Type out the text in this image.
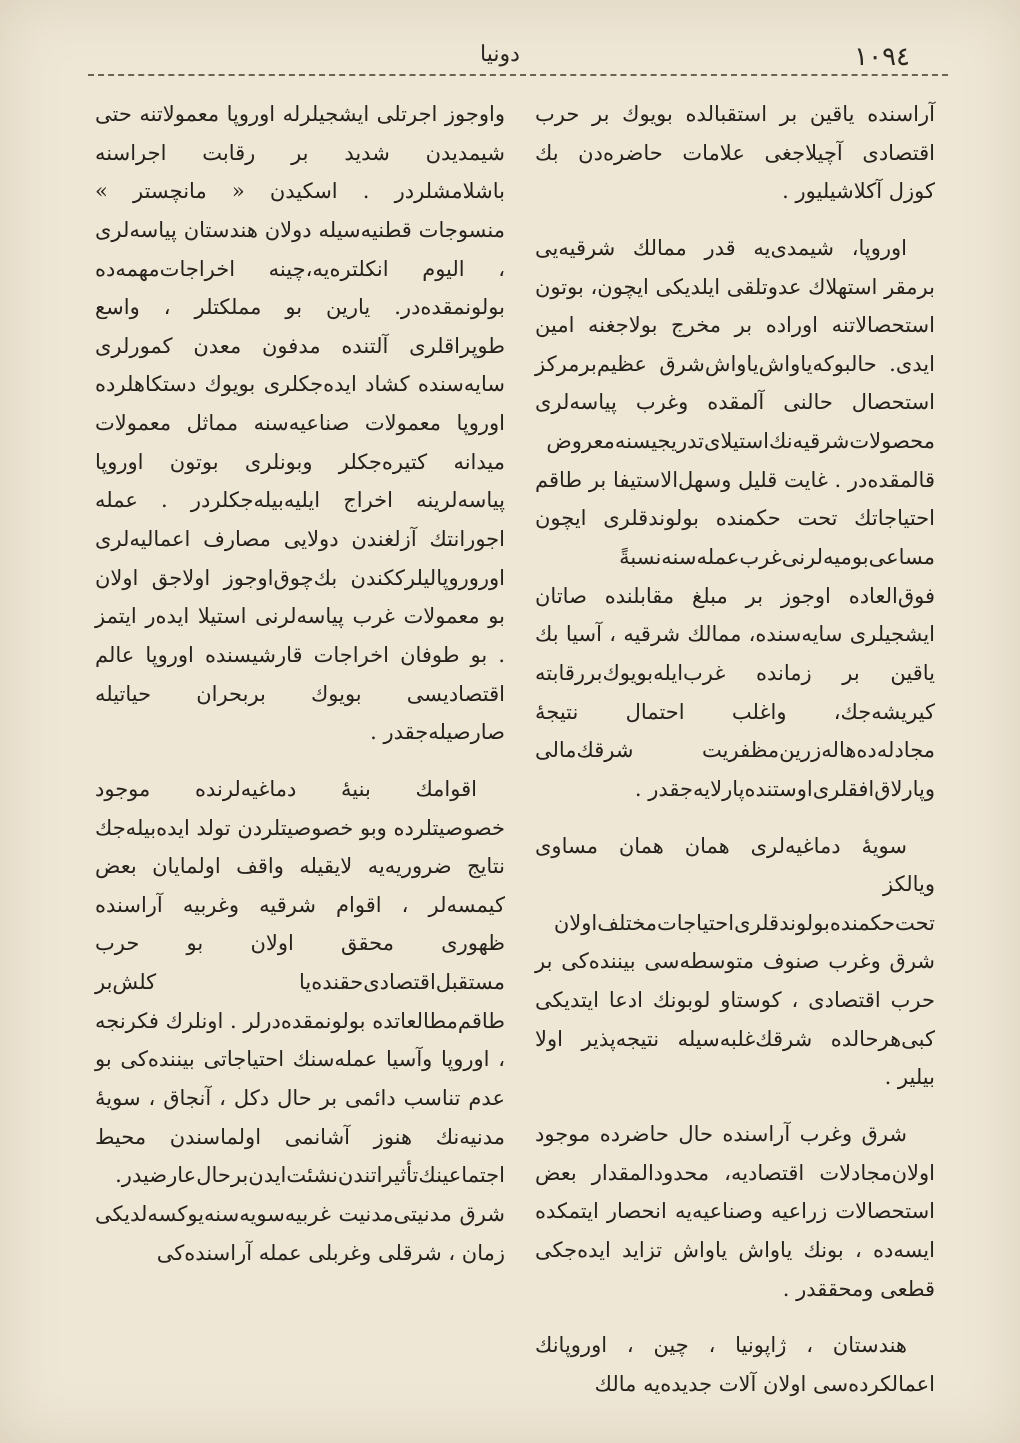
١٠٩٤
دونیا

آراسنده یاقین بر استقبالده بویوك بر حرب اقتصادی آچیلاجغی علامات حاضره‌دن بك کوزل آکلاشیلیور .

اوروپا، شیمدی‌یه قدر ممالك شرقیه‌یی برمقر استهلاك عدوتلقی ایلدیکی ایچون، بوتون استحصالاتنه اوراده بر مخرج بولاجغنه امین ایدی. حالبوکه‌یاواش‌یاواش‌شرق عظیم‌برمرکز استحصال حالنی آلمقده وغرب پیاسه‌لری محصولات‌شرقیه‌نك‌استیلای‌تدریجیسنه‌معروض قالمقده‌در . غایت قلیل وسهل‌الاستیفا بر طاقم احتیاجاتك تحت حکمنده بولوندقلری ایچون مساعی‌بومیه‌لرنی‌غرب‌عمله‌سنه‌نسبةً فوق‌العاده اوجوز بر مبلغ مقابلنده صاتان ایشجیلری سایه‌سنده، ممالك شرقیه ، آسیا بك یاقین بر زمانده غرب‌ایله‌بویوك‌بررقابته کیریشه‌جك، واغلب احتمال نتیجهٔ مجادله‌ده‌هاله‌زرین‌مظفریت شرقك‌مالی وپارلاق‌افقلری‌اوستنده‌پارلایه‌جقدر .

سویهٔ دماغیه‌لری همان همان مساوی ویالکز تحت‌حکمنده‌بولوندقلری‌احتیاجات‌مختلف‌اولان شرق وغرب صنوف متوسطه‌سی بیننده‌کی بر حرب اقتصادی ، کوستاو لوبونك ادعا ایتدیکی کبی‌هرحالده شرقك‌غلبه‌سیله نتیجه‌پذیر اولا بیلیر .

شرق وغرب آراسنده حال حاضرده موجود اولان‌مجادلات اقتصادیه، محدودالمقدار بعض استحصالات زراعیه وصناعیه‌یه انحصار ایتمکده ایسه‌ده ، بونك یاواش یاواش تزاید ایده‌جکی قطعی ومحققدر .

هندستان ، ژاپونیا ، چین ، اوروپانك اعمالکرده‌سی اولان آلات جدیده‌یه مالك

واوجوز اجرتلی ایشجیلرله اوروپا معمولاتنه حتی شیمدیدن شدید بر رقابت اجراسنه باشلامشلردر . اسکیدن « مانچستر » منسوجات قطنیه‌سیله دولان هندستان پیاسه‌لری ، الیوم انکلتره‌یه،چینه اخراجات‌مهمه‌ده بولونمقده‌در. یارین بو مملکتلر ، واسع طوپراقلری آلتنده مدفون معدن کمورلری سایه‌سنده کشاد ایده‌جکلری بویوك دستکاهلرده اوروپا معمولات صناعیه‌سنه مماثل معمولات میدانه کتیره‌جکلر وبونلری بوتون اوروپا پیاسه‌لرینه اخراج ایلیه‌بیله‌جکلردر . عمله اجورانتك آزلغندن دولایی مصارف اعمالیه‌لری اوروروپالیلرککندن بك‌چوق‌اوجوز اولاجق اولان بو معمولات غرب پیاسه‌لرنی استیلا ایده‌ر ایتمز . بو طوفان اخراجات قارشیسنده اوروپا عالم اقتصادیسی بویوك بربحران حیاتیله صارصیله‌جقدر .

اقوامك بنیهٔ دماغیه‌لرنده موجود خصوصیتلرده وبو خصوصیتلردن تولد ایده‌بیله‌جك نتایج ضروریه‌یه لایقیله واقف اولمایان بعض کیمسه‌لر ، اقوام شرقیه وغربیه آراسنده ظهوری محقق اولان بو حرب مستقبل‌اقتصادی‌حقنده‌یا کلش‌بر طاقم‌مطالعاتده بولونمقده‌درلر . اونلرك فکرنجه ، اوروپا وآسیا عمله‌سنك احتیاجاتی بیننده‌کی بو عدم تناسب دائمی بر حال دکل ، آنجاق ، سویهٔ مدنیه‌نك هنوز آشانمی اولماسندن محیط اجتماعینك‌تأثیراتندن‌نشئت‌ایدن‌بر‌حال‌عارضیدر. شرق مدنیتی‌مدنیت غربیه‌سویه‌سنه‌یوکسه‌لدیکی زمان ، شرقلی وغربلی عمله آراسنده‌کی
